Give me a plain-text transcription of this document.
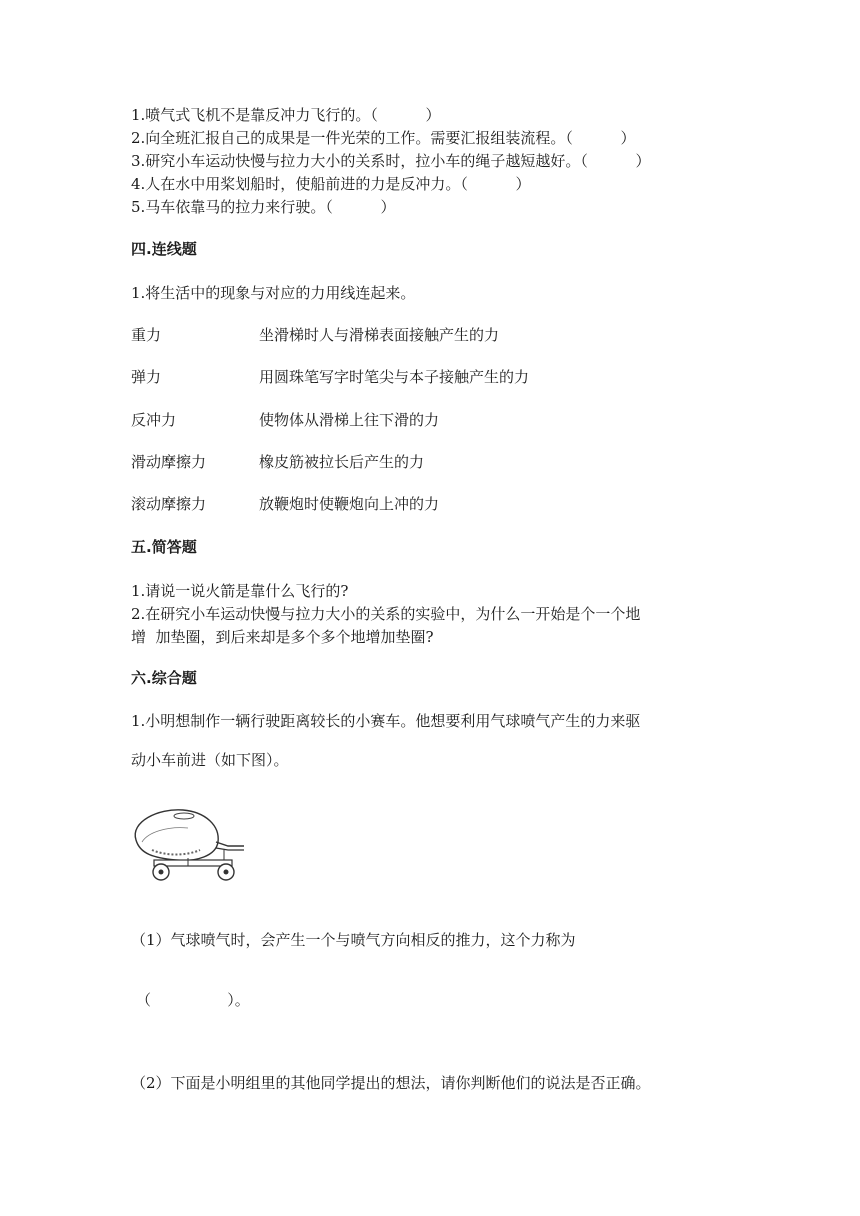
1.喷气式飞机不是靠反冲力飞行的。（          ）
2.向全班汇报自己的成果是一件光荣的工作。需要汇报组装流程。（          ）
3.研究小车运动快慢与拉力大小的关系时，拉小车的绳子越短越好。（          ）
4.人在水中用桨划船时，使船前进的力是反冲力。（          ）
5.马车依靠马的拉力来行驶。（          ）
四.连线题
1.将生活中的现象与对应的力用线连起来。
重力	坐滑梯时人与滑梯表面接触产生的力
弹力	用圆珠笔写字时笔尖与本子接触产生的力
反冲力	使物体从滑梯上往下滑的力
滑动摩擦力	橡皮筋被拉长后产生的力
滚动摩擦力	放鞭炮时使鞭炮向上冲的力
五.简答题
1.请说一说火箭是靠什么飞行的?
2.在研究小车运动快慢与拉力大小的关系的实验中，为什么一开始是个一个地
增  加垫圈，到后来却是多个多个地增加垫圈?
六.综合题
1.小明想制作一辆行驶距离较长的小赛车。他想要利用气球喷气产生的力来驱
动小车前进（如下图）。
（1）气球喷气时，会产生一个与喷气方向相反的推力，这个力称为
（                ）。
（2）下面是小明组里的其他同学提出的想法，请你判断他们的说法是否正确。
